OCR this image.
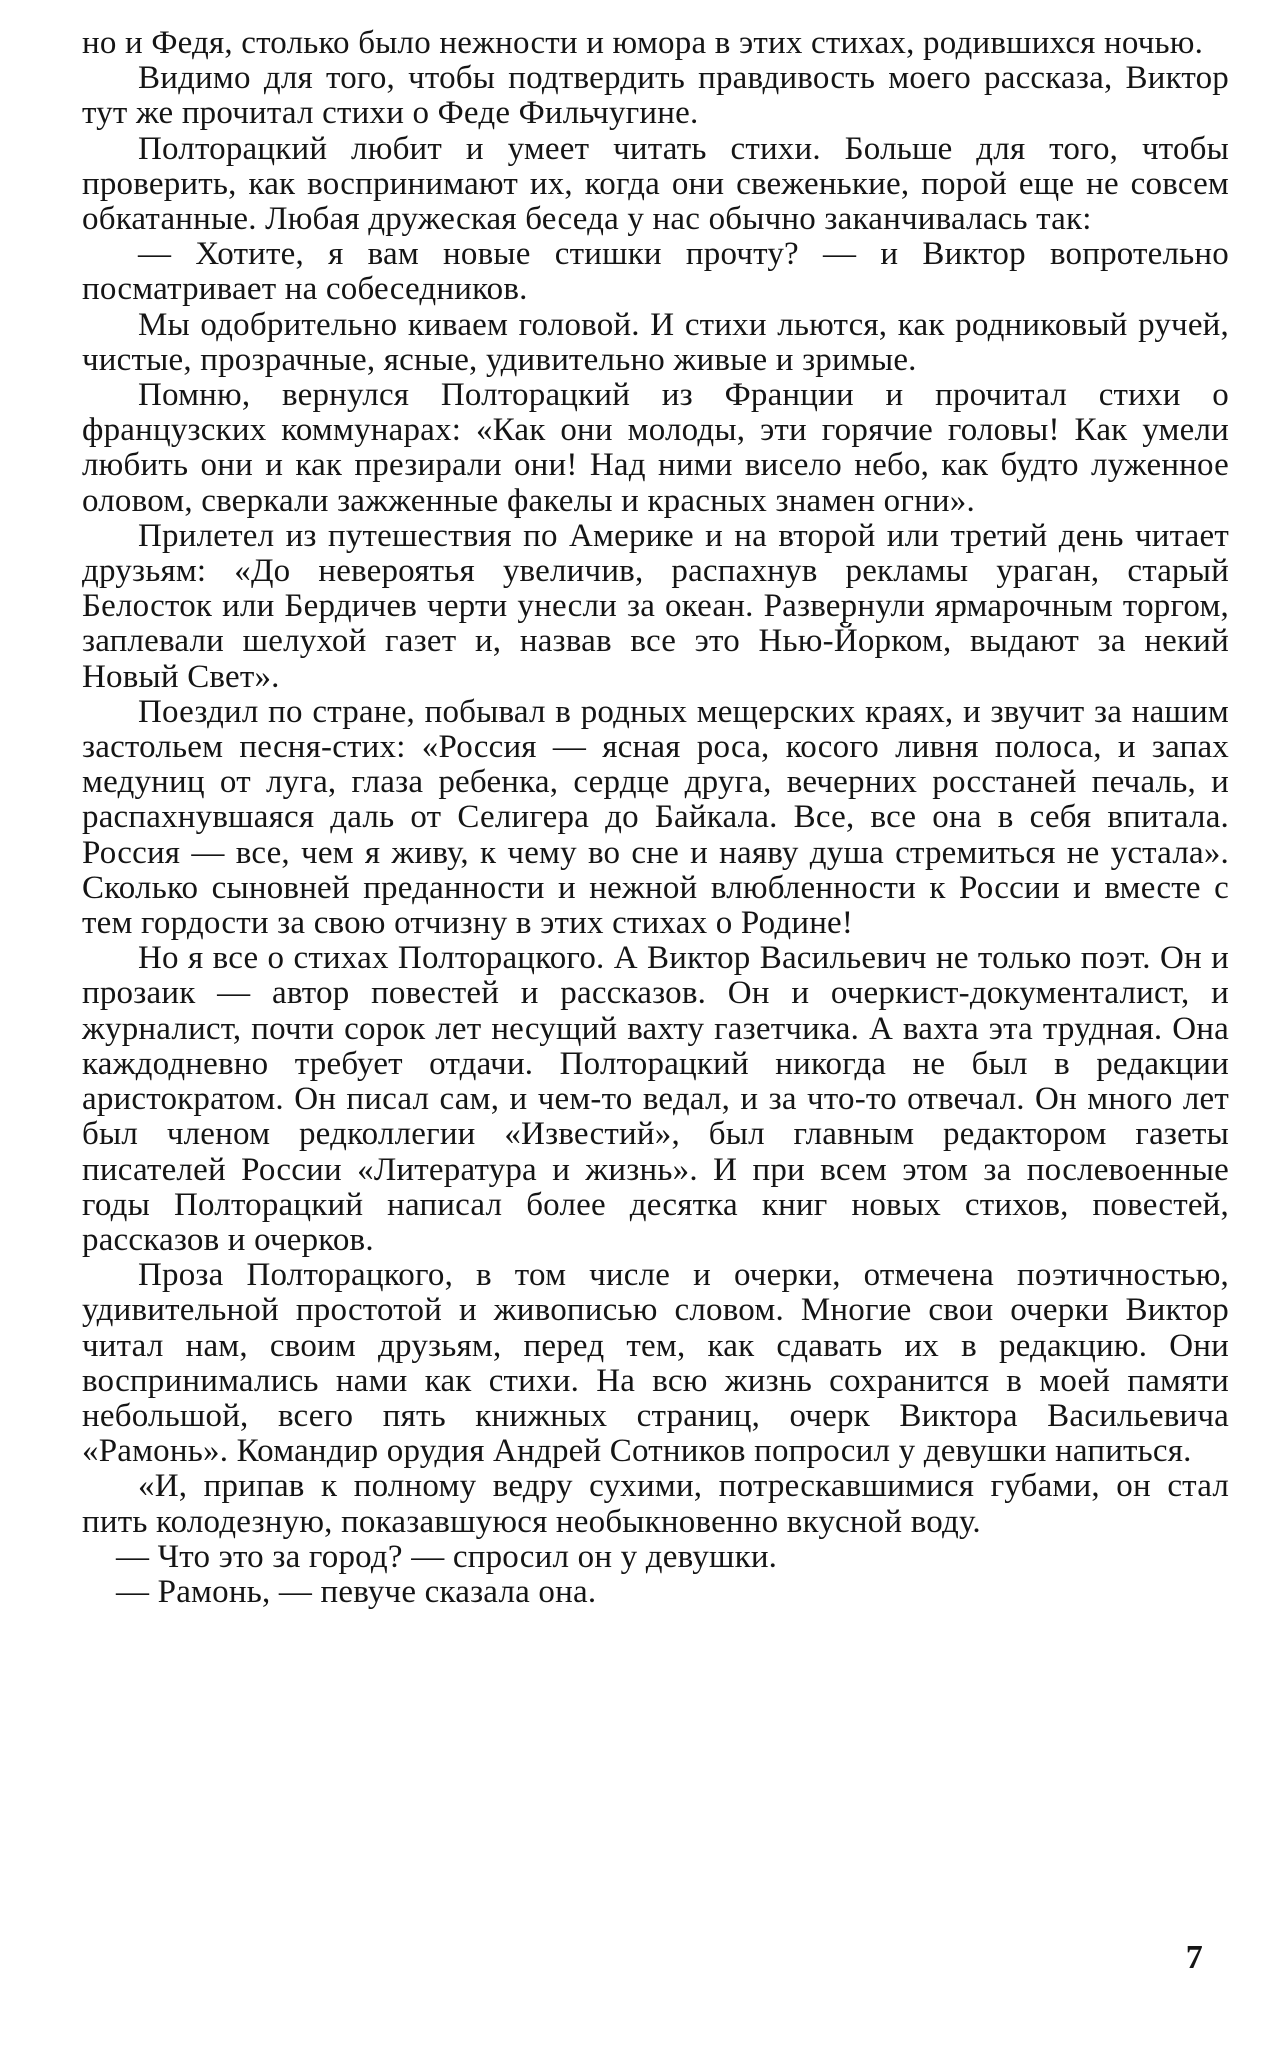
но и Федя, столько было нежности и юмора в этих стихах, родившихся ночью.

Видимо для того, чтобы подтвердить правдивость моего рассказа, Виктор тут же прочитал стихи о Феде Фильчугине.

Полторацкий любит и умеет читать стихи. Больше для того, чтобы проверить, как воспринимают их, когда они свеженькие, порой еще не совсем обкатанные. Любая дружеская беседа у нас обычно заканчивалась так:

— Хотите, я вам новые стишки прочту? — и Виктор вопротельно посматривает на собеседников.

Мы одобрительно киваем головой. И стихи льются, как родниковый ручей, чистые, прозрачные, ясные, удивительно живые и зримые.

Помню, вернулся Полторацкий из Франции и прочитал стихи о французских коммунарах: «Как они молоды, эти горячие головы! Как умели любить они и как презирали они! Над ними висело небо, как будто луженное оловом, сверкали зажженные факелы и красных знамен огни».

Прилетел из путешествия по Америке и на второй или третий день читает друзьям: «До невероятья увеличив, распахнув рекламы ураган, старый Белосток или Бердичев черти унесли за океан. Развернули ярмарочным торгом, заплевали шелухой газет и, назвав все это Нью-Йорком, выдают за некий Новый Свет».

Поездил по стране, побывал в родных мещерских краях, и звучит за нашим застольем песня-стих: «Россия — ясная роса, косого ливня полоса, и запах медуниц от луга, глаза ребенка, сердце друга, вечерних росстаней печаль, и распахнувшаяся даль от Селигера до Байкала. Все, все она в себя впитала. Россия — все, чем я живу, к чему во сне и наяву душа стремиться не устала». Сколько сыновней преданности и нежной влюбленности к России и вместе с тем гордости за свою отчизну в этих стихах о Родине!

Но я все о стихах Полторацкого. А Виктор Васильевич не только поэт. Он и прозаик — автор повестей и рассказов. Он и очеркист-документалист, и журналист, почти сорок лет несущий вахту газетчика. А вахта эта трудная. Она каждодневно требует отдачи. Полторацкий никогда не был в редакции аристократом. Он писал сам, и чем-то ведал, и за что-то отвечал. Он много лет был членом редколлегии «Известий», был главным редактором газеты писателей России «Литература и жизнь». И при всем этом за послевоенные годы Полторацкий написал более десятка книг новых стихов, повестей, рассказов и очерков.

Проза Полторацкого, в том числе и очерки, отмечена поэтичностью, удивительной простотой и живописью словом. Многие свои очерки Виктор читал нам, своим друзьям, перед тем, как сдавать их в редакцию. Они воспринимались нами как стихи. На всю жизнь сохранится в моей памяти небольшой, всего пять книжных страниц, очерк Виктора Васильевича «Рамонь». Командир орудия Андрей Сотников попросил у девушки напиться.

«И, припав к полному ведру сухими, потрескавшимися губами, он стал пить колодезную, показавшуюся необыкновенно вкусной воду.

— Что это за город? — спросил он у девушки.

— Рамонь, — певуче сказала она.

7
